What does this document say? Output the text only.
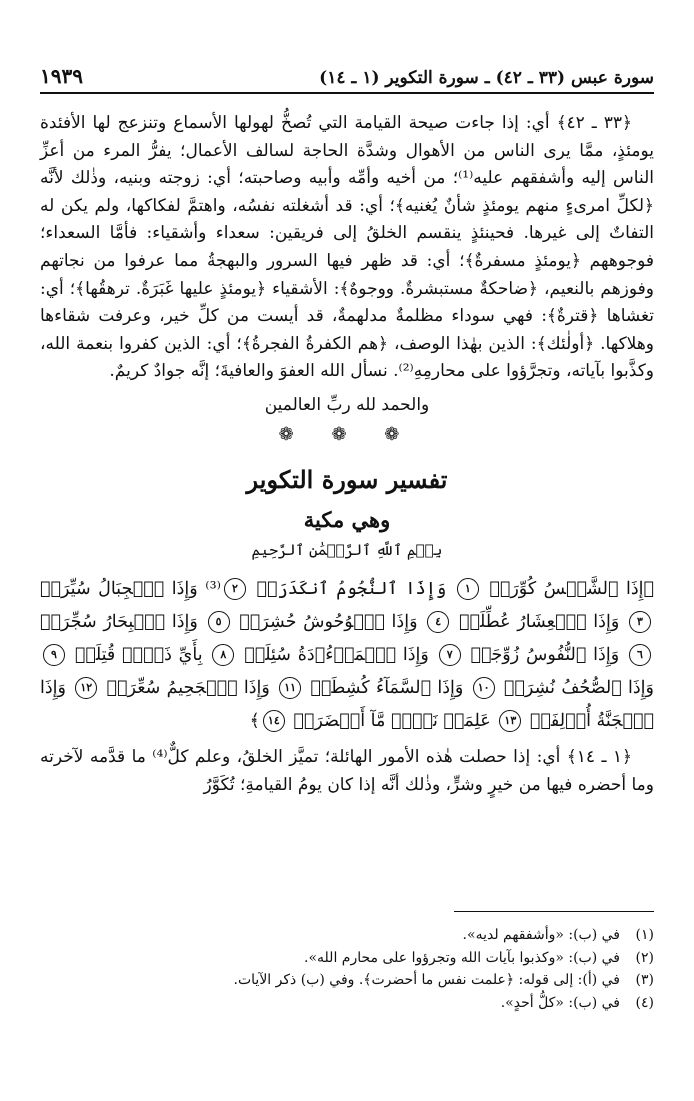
سورة عبس (٣٣ ـ ٤٢) ـ سورة التكوير (١ ـ ١٤)
١٩٣٩

﴿٣٣ ـ ٤٢﴾ أي: إذا جاءت صيحة القيامة التي تُصخُّ لهولها الأسماع وتنزعج لها الأفئدة يومئذٍ، ممَّا يرى الناس من الأهوال وشدَّة الحاجة لسالف الأعمال؛ يفرُّ المرء من أعزِّ الناس إليه وأشفقهم عليه⁽¹⁾؛ من أخيه وأمِّه وأبيه وصاحبته؛ أي: زوجته وبنيه، وذٰلك لأنَّه ﴿لكلِّ امرىءٍ منهم يومئذٍ شأنٌ يُغنيه﴾؛ أي: قد أشغلته نفسُه، واهتمَّ لفكاكها، ولم يكن له التفاتٌ إلى غيرها. فحينئذٍ ينقسم الخلقُ إلى فريقين: سعداء وأشقياء: فأمَّا السعداء؛ فوجوههم ﴿يومئذٍ مسفرةٌ﴾؛ أي: قد ظهر فيها السرور والبهجةُ مما عرفوا من نجاتهم وفوزهم بالنعيم، ﴿ضاحكةٌ مستبشرةٌ. ووجوهٌ﴾: الأشقياء ﴿يومئذٍ عليها غَبَرَةٌ. ترهقُها﴾؛ أي: تغشاها ﴿قترةٌ﴾: فهي سوداء مظلمةٌ مدلهمةٌ، قد أيست من كلِّ خير، وعرفت شقاءها وهلاكها. ﴿أولٰئك﴾: الذين بهٰذا الوصف، ﴿هم الكفرةُ الفجرةُ﴾؛ أي: الذين كفروا بنعمة الله، وكذَّبوا بآياته، وتجرَّؤوا على محارمِهِ⁽²⁾. نسأل الله العفوَ والعافيةَ؛ إنَّه جوادٌ كريمٌ.

والحمد لله ربِّ العالمين

❁ ❁ ❁

تفسير سورة التكوير
وهي مكية

بِسۡمِ ٱللَّهِ ٱلرَّحۡمَٰنِ ٱلرَّحِيمِ

﴿إِذَا ٱلشَّمۡسُ كُوِّرَتۡ ١ وَإِذَا ٱلنُّجُومُ ٱنكَدَرَتۡ ٢⁽³⁾ وَإِذَا ٱلۡجِبَالُ سُيِّرَتۡ ٣ وَإِذَا ٱلۡعِشَارُ عُطِّلَتۡ ٤ وَإِذَا ٱلۡوُحُوشُ حُشِرَتۡ ٥ وَإِذَا ٱلۡبِحَارُ سُجِّرَتۡ ٦ وَإِذَا ٱلنُّفُوسُ زُوِّجَتۡ ٧ وَإِذَا ٱلۡمَوۡءُۥدَةُ سُئِلَتۡ ٨ بِأَيِّ ذَنۢبٖ قُتِلَتۡ ٩ وَإِذَا ٱلصُّحُفُ نُشِرَتۡ ١٠ وَإِذَا ٱلسَّمَآءُ كُشِطَتۡ ١١ وَإِذَا ٱلۡجَحِيمُ سُعِّرَتۡ ١٢ وَإِذَا ٱلۡجَنَّةُ أُزۡلِفَتۡ ١٣ عَلِمَتۡ نَفۡسٞ مَّآ أَحۡضَرَتۡ ١٤﴾

﴿١ ـ ١٤﴾ أي: إذا حصلت هٰذه الأمور الهائلة؛ تميَّز الخلقُ، وعلم كلٌّ⁽⁴⁾ ما قدَّمه لآخرته وما أحضره فيها من خيرٍ وشرٍّ، وذٰلك أنَّه إذا كان يومُ القيامةِ؛ تُكَوَّرُ

(١)في (ب): «وأشفقهم لديه».

(٢)في (ب): «وكذبوا بآيات الله وتجرؤوا على محارم الله».

(٣)في (أ): إلى قوله: ﴿علمت نفس ما أحضرت﴾. وفي (ب) ذكر الآيات.

(٤)في (ب): «كلُّ أحدٍ».
